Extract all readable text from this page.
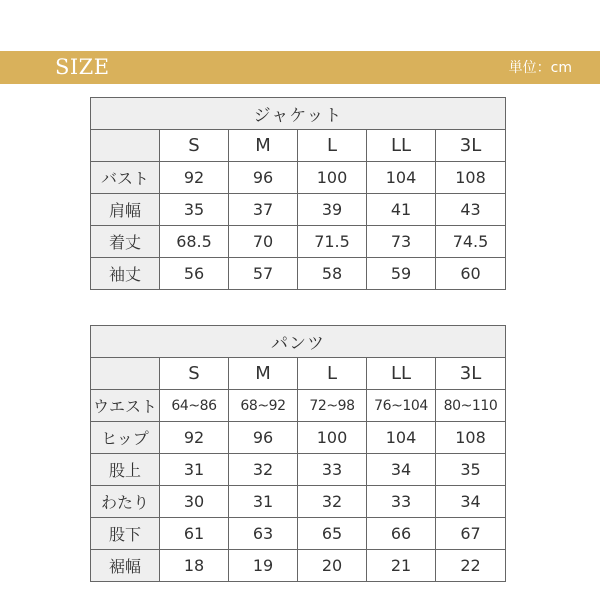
SIZE	単位：cm
ジャケット					
	S	M	L	LL	3L
バスト	92	96	100	104	108
肩幅	35	37	39	41	43
着丈	68.5	70	71.5	73	74.5
袖丈	56	57	58	59	60
パンツ					
	S	M	L	LL	3L
ウエスト	64~86	68~92	72~98	76~104	80~110
ヒップ	92	96	100	104	108
股上	31	32	33	34	35
わたり	30	31	32	33	34
股下	61	63	65	66	67
裾幅	18	19	20	21	22
